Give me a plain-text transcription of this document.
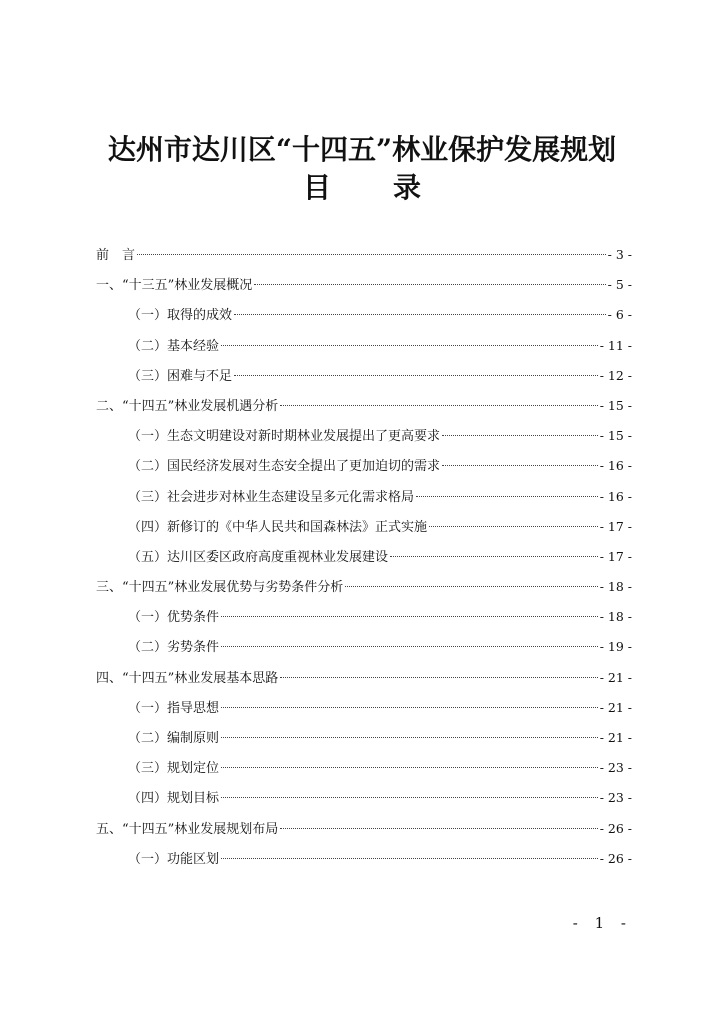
达州市达川区“十四五”林业保护发展规划
目 录
前　言	- 3 -
一、“十三五”林业发展概况	- 5 -
（一）取得的成效	- 6 -
（二）基本经验	- 11 -
（三）困难与不足	- 12 -
二、“十四五”林业发展机遇分析	- 15 -
（一）生态文明建设对新时期林业发展提出了更高要求	- 15 -
（二）国民经济发展对生态安全提出了更加迫切的需求	- 16 -
（三）社会进步对林业生态建设呈多元化需求格局	- 16 -
（四）新修订的《中华人民共和国森林法》正式实施	- 17 -
（五）达川区委区政府高度重视林业发展建设	- 17 -
三、“十四五”林业发展优势与劣势条件分析	- 18 -
（一）优势条件	- 18 -
（二）劣势条件	- 19 -
四、“十四五”林业发展基本思路	- 21 -
（一）指导思想	- 21 -
（二）编制原则	- 21 -
（三）规划定位	- 23 -
（四）规划目标	- 23 -
五、“十四五”林业发展规划布局	- 26 -
（一）功能区划	- 26 -
- 1 -
